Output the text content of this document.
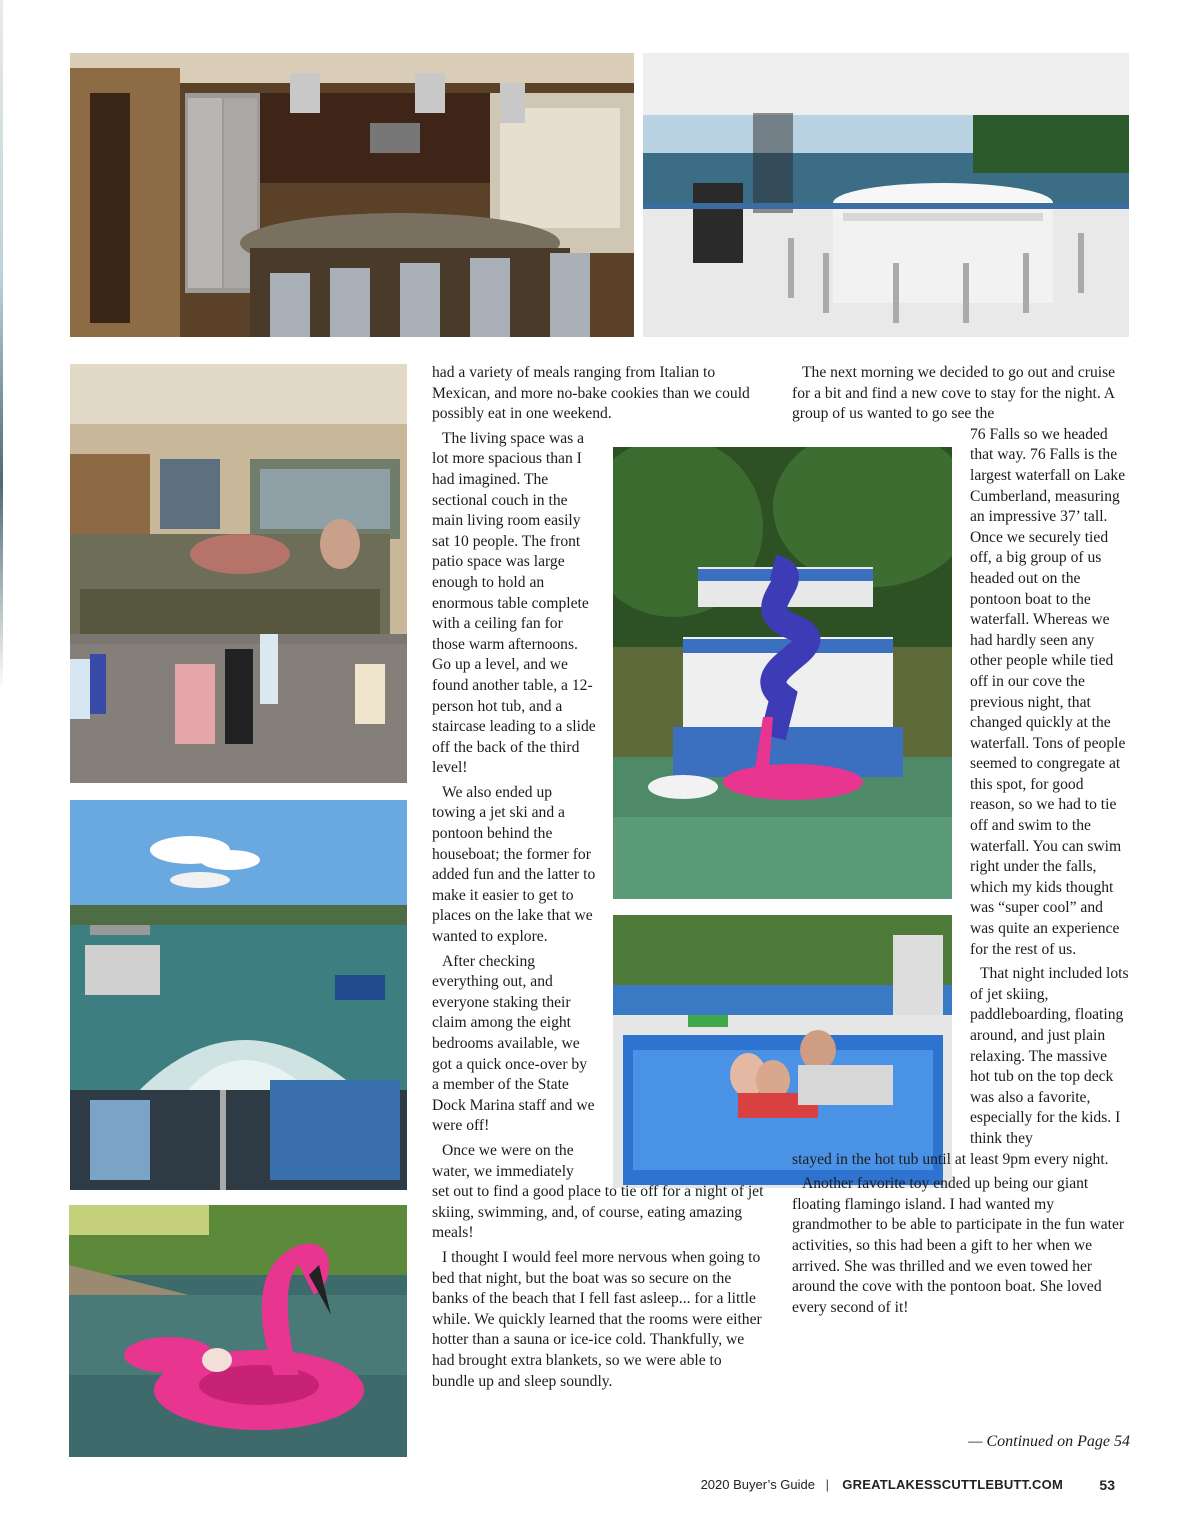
had a variety of meals ranging from Italian to Mexican, and more no-bake cookies than we could possibly eat in one weekend.

The living space was a lot more spacious than I had imagined. The sectional couch in the main living room easily sat 10 people. The front patio space was large enough to hold an enormous table complete with a ceiling fan for those warm afternoons. Go up a level, and we found another table, a 12-person hot tub, and a staircase leading to a slide off the back of the third level!

We also ended up towing a jet ski and a pontoon behind the houseboat; the former for added fun and the latter to make it easier to get to places on the lake that we wanted to explore.

After checking everything out, and everyone staking their claim among the eight bedrooms available, we got a quick once-over by a member of the State Dock Marina staff and we were off!

Once we were on the water, we immediately

set out to find a good place to tie off for a night of jet skiing, swimming, and, of course, eating amazing meals!

I thought I would feel more nervous when going to bed that night, but the boat was so secure on the banks of the beach that I fell fast asleep... for a little while. We quickly learned that the rooms were either hotter than a sauna or ice-ice cold. Thankfully, we had brought extra blankets, so we were able to bundle up and sleep soundly.

The next morning we decided to go out and cruise for a bit and find a new cove to stay for the night. A group of us wanted to go see the

76 Falls so we headed that way. 76 Falls is the largest waterfall on Lake Cumberland, measuring an impressive 37’ tall. Once we securely tied off, a big group of us headed out on the pontoon boat to the waterfall. Whereas we had hardly seen any other people while tied off in our cove the previous night, that changed quickly at the waterfall. Tons of people seemed to congregate at this spot, for good reason, so we had to tie off and swim to the waterfall. You can swim right under the falls, which my kids thought was “super cool” and was quite an experience for the rest of us.

That night included lots of jet skiing, paddleboarding, floating around, and just plain relaxing. The massive hot tub on the top deck was also a favorite, especially for the kids. I think they

stayed in the hot tub until at least 9pm every night.

Another favorite toy ended up being our giant floating flamingo island. I had wanted my grandmother to be able to participate in the fun water activities, so this had been a gift to her when we arrived. She was thrilled and we even towed her around the cove with the pontoon boat. She loved every second of it!

— Continued on Page 54
2020 Buyer’s Guide | GREATLAKESSCUTTLEBUTT.COM	53
